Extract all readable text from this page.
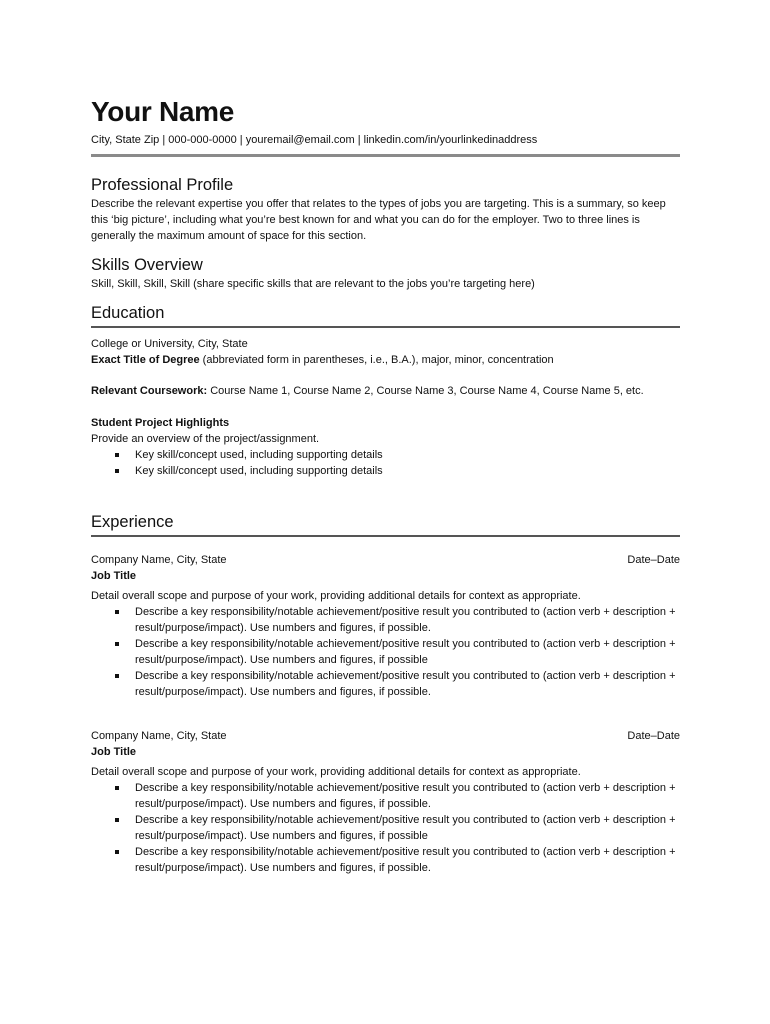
Your Name
City, State Zip | 000-000-0000 | youremail@email.com | linkedin.com/in/yourlinkedinaddress
Professional Profile

Describe the relevant expertise you offer that relates to the types of jobs you are targeting. This is a summary, so keep this ‘big picture’, including what you’re best known for and what you can do for the employer. Two to three lines is generally the maximum amount of space for this section.

Skills Overview

Skill, Skill, Skill, Skill (share specific skills that are relevant to the jobs you’re targeting here)

Education

College or University, City, State

Exact Title of Degree (abbreviated form in parentheses, i.e., B.A.), major, minor, concentration

Relevant Coursework: Course Name 1, Course Name 2, Course Name 3, Course Name 4, Course Name 5, etc.

Student Project Highlights

Provide an overview of the project/assignment.

Key skill/concept used, including supporting details
Key skill/concept used, including supporting details
Experience
Company Name, City, State	Date–Date

Job Title

Detail overall scope and purpose of your work, providing additional details for context as appropriate.

Describe a key responsibility/notable achievement/positive result you contributed to (action verb + description + result/purpose/impact). Use numbers and figures, if possible.
Describe a key responsibility/notable achievement/positive result you contributed to (action verb + description + result/purpose/impact). Use numbers and figures, if possible
Describe a key responsibility/notable achievement/positive result you contributed to (action verb + description + result/purpose/impact). Use numbers and figures, if possible.
Company Name, City, State	Date–Date

Job Title

Detail overall scope and purpose of your work, providing additional details for context as appropriate.

Describe a key responsibility/notable achievement/positive result you contributed to (action verb + description + result/purpose/impact). Use numbers and figures, if possible.
Describe a key responsibility/notable achievement/positive result you contributed to (action verb + description + result/purpose/impact). Use numbers and figures, if possible
Describe a key responsibility/notable achievement/positive result you contributed to (action verb + description + result/purpose/impact). Use numbers and figures, if possible.
